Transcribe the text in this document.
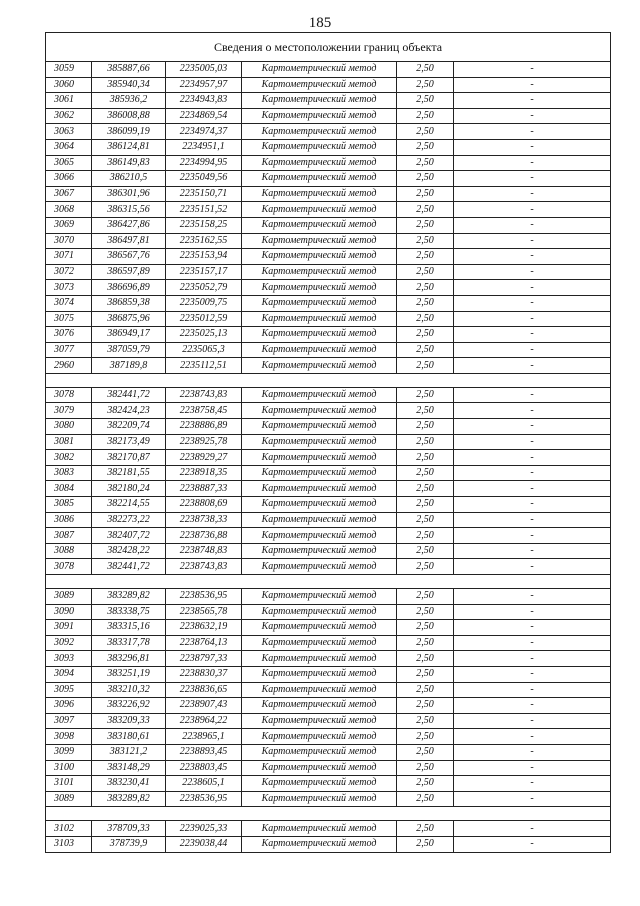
185
Сведения о местоположении границ объекта					
3059	385887,66	2235005,03	Картометрический метод	2,50	-
3060	385940,34	2234957,97	Картометрический метод	2,50	-
3061	385936,2	2234943,83	Картометрический метод	2,50	-
3062	386008,88	2234869,54	Картометрический метод	2,50	-
3063	386099,19	2234974,37	Картометрический метод	2,50	-
3064	386124,81	2234951,1	Картометрический метод	2,50	-
3065	386149,83	2234994,95	Картометрический метод	2,50	-
3066	386210,5	2235049,56	Картометрический метод	2,50	-
3067	386301,96	2235150,71	Картометрический метод	2,50	-
3068	386315,56	2235151,52	Картометрический метод	2,50	-
3069	386427,86	2235158,25	Картометрический метод	2,50	-
3070	386497,81	2235162,55	Картометрический метод	2,50	-
3071	386567,76	2235153,94	Картометрический метод	2,50	-
3072	386597,89	2235157,17	Картометрический метод	2,50	-
3073	386696,89	2235052,79	Картометрический метод	2,50	-
3074	386859,38	2235009,75	Картометрический метод	2,50	-
3075	386875,96	2235012,59	Картометрический метод	2,50	-
3076	386949,17	2235025,13	Картометрический метод	2,50	-
3077	387059,79	2235065,3	Картометрический метод	2,50	-
2960	387189,8	2235112,51	Картометрический метод	2,50	-

3078	382441,72	2238743,83	Картометрический метод	2,50	-
3079	382424,23	2238758,45	Картометрический метод	2,50	-
3080	382209,74	2238886,89	Картометрический метод	2,50	-
3081	382173,49	2238925,78	Картометрический метод	2,50	-
3082	382170,87	2238929,27	Картометрический метод	2,50	-
3083	382181,55	2238918,35	Картометрический метод	2,50	-
3084	382180,24	2238887,33	Картометрический метод	2,50	-
3085	382214,55	2238808,69	Картометрический метод	2,50	-
3086	382273,22	2238738,33	Картометрический метод	2,50	-
3087	382407,72	2238736,88	Картометрический метод	2,50	-
3088	382428,22	2238748,83	Картометрический метод	2,50	-
3078	382441,72	2238743,83	Картометрический метод	2,50	-

3089	383289,82	2238536,95	Картометрический метод	2,50	-
3090	383338,75	2238565,78	Картометрический метод	2,50	-
3091	383315,16	2238632,19	Картометрический метод	2,50	-
3092	383317,78	2238764,13	Картометрический метод	2,50	-
3093	383296,81	2238797,33	Картометрический метод	2,50	-
3094	383251,19	2238830,37	Картометрический метод	2,50	-
3095	383210,32	2238836,65	Картометрический метод	2,50	-
3096	383226,92	2238907,43	Картометрический метод	2,50	-
3097	383209,33	2238964,22	Картометрический метод	2,50	-
3098	383180,61	2238965,1	Картометрический метод	2,50	-
3099	383121,2	2238893,45	Картометрический метод	2,50	-
3100	383148,29	2238803,45	Картометрический метод	2,50	-
3101	383230,41	2238605,1	Картометрический метод	2,50	-
3089	383289,82	2238536,95	Картометрический метод	2,50	-

3102	378709,33	2239025,33	Картометрический метод	2,50	-
3103	378739,9	2239038,44	Картометрический метод	2,50	-
